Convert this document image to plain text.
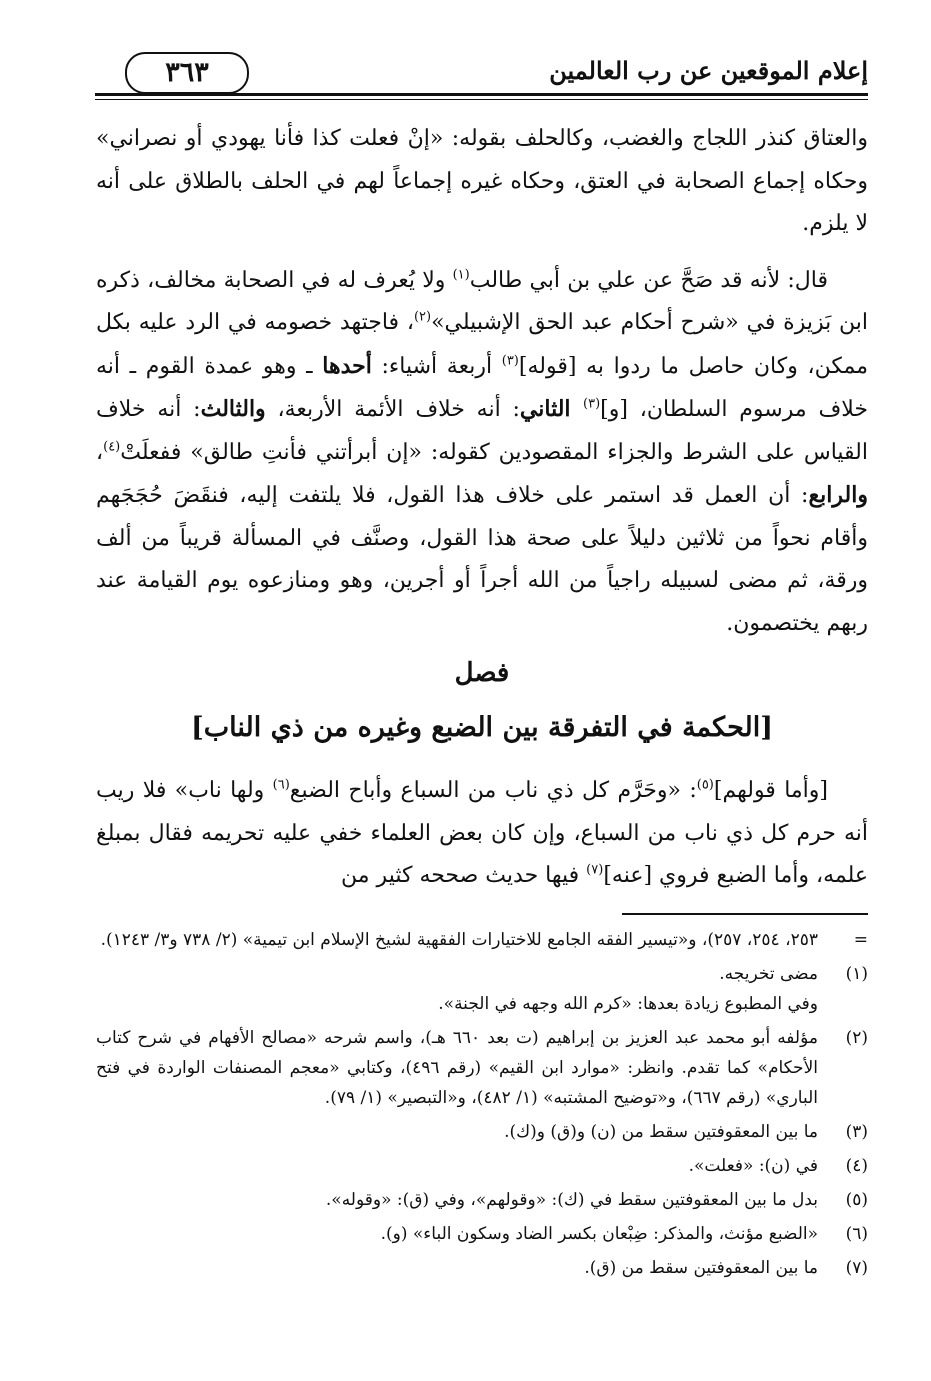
إعلام الموقعين عن رب العالمين
٣٦٣

والعتاق كنذر اللجاج والغضب، وكالحلف بقوله: «إنْ فعلت كذا فأنا يهودي أو نصراني» وحكاه إجماع الصحابة في العتق، وحكاه غيره إجماعاً لهم في الحلف بالطلاق على أنه لا يلزم.

قال: لأنه قد صَحَّ عن علي بن أبي طالب$^{(١)}$ ولا يُعرف له في الصحابة مخالف، ذكره ابن بَزيزة في «شرح أحكام عبد الحق الإشبيلي»$^{(٢)}$، فاجتهد خصومه في الرد عليه بكل ممكن، وكان حاصل ما ردوا به [قوله]$^{(٣)}$ أربعة أشياء: أحدها ـ وهو عمدة القوم ـ أنه خلاف مرسوم السلطان، [و]$^{(٣)}$ الثاني: أنه خلاف الأئمة الأربعة، والثالث: أنه خلاف القياس على الشرط والجزاء المقصودين كقوله: «إن أبرأتني فأنتِ طالق» ففعلَتْ$^{(٤)}$، والرابع: أن العمل قد استمر على خلاف هذا القول، فلا يلتفت إليه، فنقَضَ حُجَجَهم وأقام نحواً من ثلاثين دليلاً على صحة هذا القول، وصنَّف في المسألة قريباً من ألف ورقة، ثم مضى لسبيله راجياً من الله أجراً أو أجرين، وهو ومنازعوه يوم القيامة عند ربهم يختصمون.

فصل
[الحكمة في التفرقة بين الضبع وغيره من ذي الناب]

[وأما قولهم]$^{(٥)}$: «وحَرَّم كل ذي ناب من السباع وأباح الضبع$^{(٦)}$ ولها ناب» فلا ريب أنه حرم كل ذي ناب من السباع، وإن كان بعض العلماء خفي عليه تحريمه فقال بمبلغ علمه، وأما الضبع فروي [عنه]$^{(٧)}$ فيها حديث صححه كثير من

=
٢٥٣، ٢٥٤، ٢٥٧)، و«تيسير الفقه الجامع للاختيارات الفقهية لشيخ الإسلام ابن تيمية» (٢/ ٧٣٨ و٣/ ١٢٤٣).
(١)
مضى تخريجه.
وفي المطبوع زيادة بعدها: «كرم الله وجهه في الجنة».
(٢)
مؤلفه أبو محمد عبد العزيز بن إبراهيم (ت بعد ٦٦٠ هـ)، واسم شرحه «مصالح الأفهام في شرح كتاب الأحكام» كما تقدم. وانظر: «موارد ابن القيم» (رقم ٤٩٦)، وكتابي «معجم المصنفات الواردة في فتح الباري» (رقم ٦٦٧)، و«توضيح المشتبه» (١/ ٤٨٢)، و«التبصير» (١/ ٧٩).
(٣)
ما بين المعقوفتين سقط من (ن) و(ق) و(ك).
(٤)
في (ن): «فعلت».
(٥)
بدل ما بين المعقوفتين سقط في (ك): «وقولهم»، وفي (ق): «وقوله».
(٦)
«الضبع مؤنث، والمذكر: ضِبْعان بكسر الضاد وسكون الباء» (و).
(٧)
ما بين المعقوفتين سقط من (ق).
